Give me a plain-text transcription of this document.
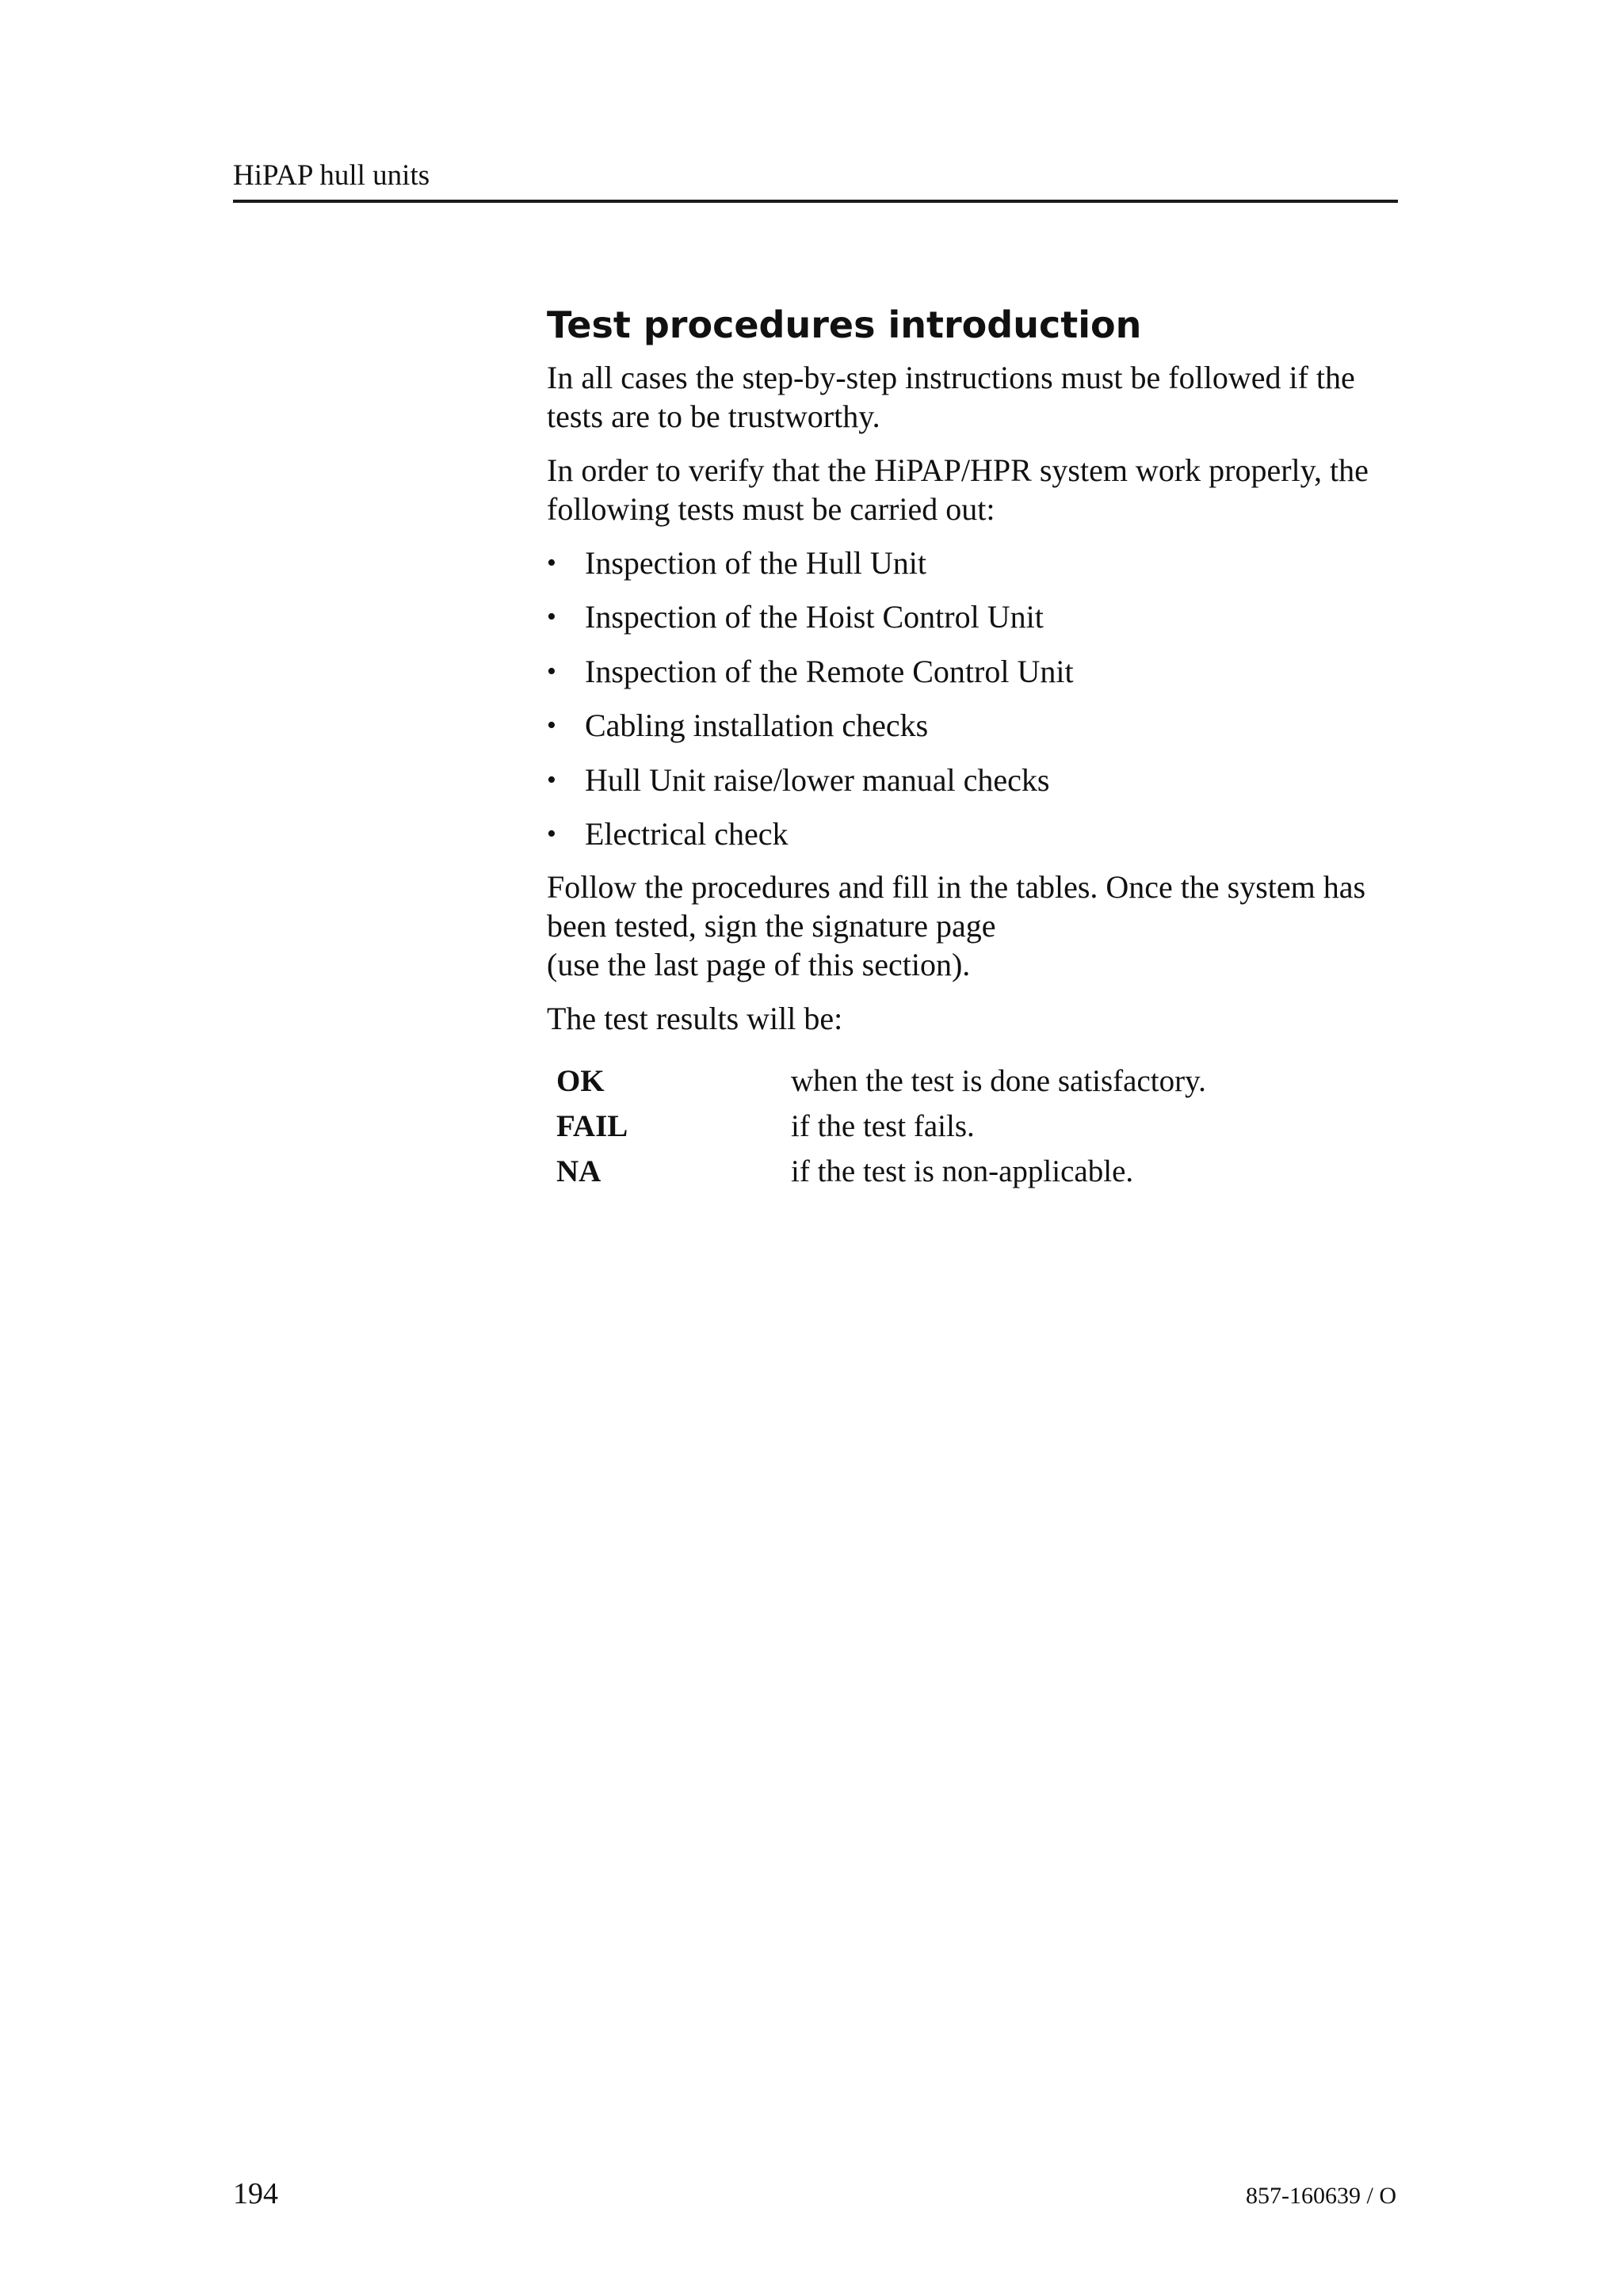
HiPAP hull units
Test procedures introduction

In all cases the step-by-step instructions must be followed if the tests are to be trustworthy.

In order to verify that the HiPAP/HPR system work properly, the following tests must be carried out:

• Inspection of the Hull Unit
• Inspection of the Hoist Control Unit
• Inspection of the Remote Control Unit
• Cabling installation checks
• Hull Unit raise/lower manual checks
• Electrical check

Follow the procedures and fill in the tables. Once the system has been tested, sign the signature page
(use the last page of this section).

The test results will be:

OK	when the test is done satisfactory.
FAIL	if the test fails.
NA	if the test is non-applicable.
194	857-160639 / O
